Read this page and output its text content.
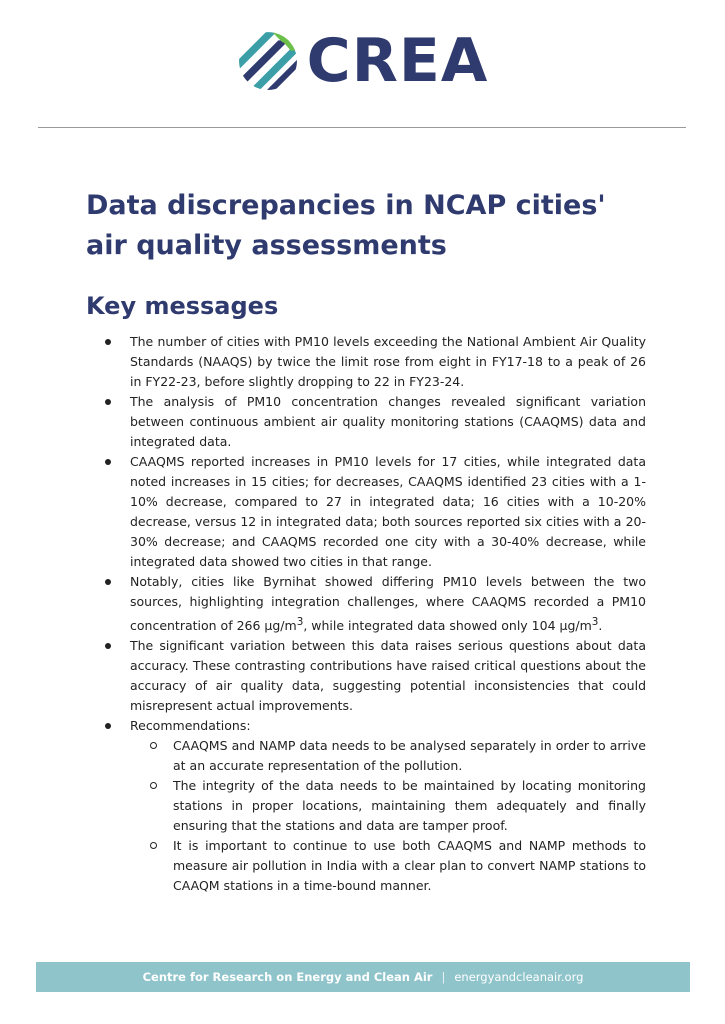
CREA
Data discrepancies in NCAP cities' air quality assessments
Key messages
The number of cities with PM10 levels exceeding the National Ambient Air Quality Standards (NAAQS) by twice the limit rose from eight in FY17-18 to a peak of 26 in FY22-23, before slightly dropping to 22 in FY23-24.
The analysis of PM10 concentration changes revealed significant variation between continuous ambient air quality monitoring stations (CAAQMS) data and integrated data.
CAAQMS reported increases in PM10 levels for 17 cities, while integrated data noted increases in 15 cities; for decreases, CAAQMS identified 23 cities with a 1-10% decrease, compared to 27 in integrated data; 16 cities with a 10-20% decrease, versus 12 in integrated data; both sources reported six cities with a 20-30% decrease; and CAAQMS recorded one city with a 30-40% decrease, while integrated data showed two cities in that range.
Notably, cities like Byrnihat showed differing PM10 levels between the two sources, highlighting integration challenges, where CAAQMS recorded a PM10 concentration of 266 $\mu g/m^3$, while integrated data showed only 104 $\mu g/m^3$.
The significant variation between this data raises serious questions about data accuracy. These contrasting contributions have raised critical questions about the accuracy of air quality data, suggesting potential inconsistencies that could misrepresent actual improvements.
Recommendations:
CAAQMS and NAMP data needs to be analysed separately in order to arrive at an accurate representation of the pollution.
The integrity of the data needs to be maintained by locating monitoring stations in proper locations, maintaining them adequately and finally ensuring that the stations and data are tamper proof.
It is important to continue to use both CAAQMS and NAMP methods to measure air pollution in India with a clear plan to convert NAMP stations to CAAQM stations in a time-bound manner.
Centre for Research on Energy and Clean Air | energyandcleanair.org
